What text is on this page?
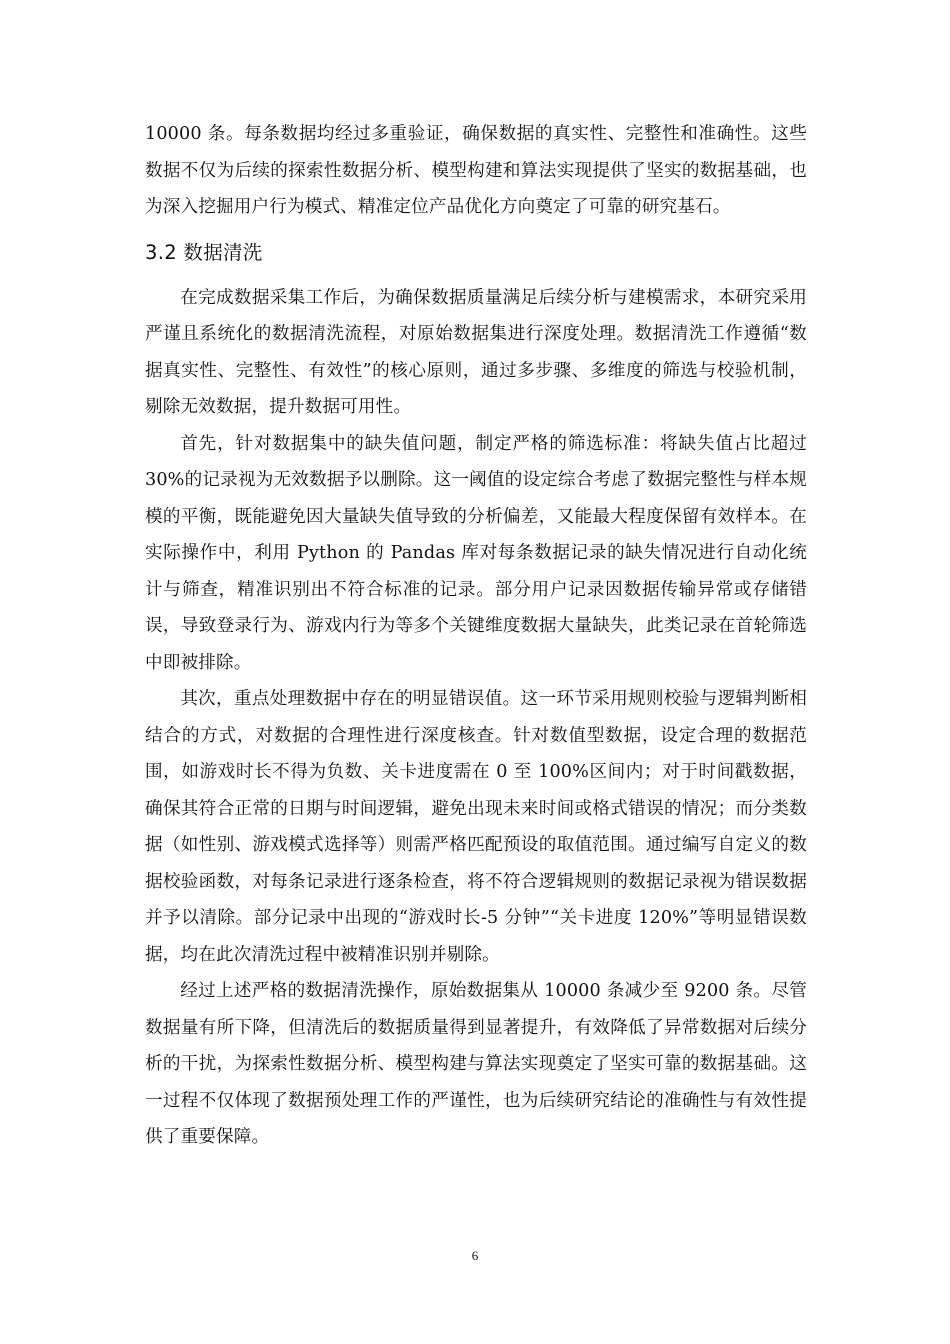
10000 条。每条数据均经过多重验证，确保数据的真实性、完整性和准确性。这些数据不仅为后续的探索性数据分析、模型构建和算法实现提供了坚实的数据基础，也为深入挖掘用户行为模式、精准定位产品优化方向奠定了可靠的研究基石。

3.2 数据清洗

在完成数据采集工作后，为确保数据质量满足后续分析与建模需求，本研究采用严谨且系统化的数据清洗流程，对原始数据集进行深度处理。数据清洗工作遵循“数据真实性、完整性、有效性”的核心原则，通过多步骤、多维度的筛选与校验机制，剔除无效数据，提升数据可用性。

首先，针对数据集中的缺失值问题，制定严格的筛选标准：将缺失值占比超过 30%的记录视为无效数据予以删除。这一阈值的设定综合考虑了数据完整性与样本规模的平衡，既能避免因大量缺失值导致的分析偏差，又能最大程度保留有效样本。在实际操作中，利用 Python 的 Pandas 库对每条数据记录的缺失情况进行自动化统计与筛查，精准识别出不符合标准的记录。部分用户记录因数据传输异常或存储错误，导致登录行为、游戏内行为等多个关键维度数据大量缺失，此类记录在首轮筛选中即被排除。

其次，重点处理数据中存在的明显错误值。这一环节采用规则校验与逻辑判断相结合的方式，对数据的合理性进行深度核查。针对数值型数据，设定合理的数据范围，如游戏时长不得为负数、关卡进度需在 0 至 100%区间内；对于时间戳数据，确保其符合正常的日期与时间逻辑，避免出现未来时间或格式错误的情况；而分类数据（如性别、游戏模式选择等）则需严格匹配预设的取值范围。通过编写自定义的数据校验函数，对每条记录进行逐条检查，将不符合逻辑规则的数据记录视为错误数据并予以清除。部分记录中出现的“游戏时长-5 分钟”“关卡进度 120%”等明显错误数据，均在此次清洗过程中被精准识别并剔除。

经过上述严格的数据清洗操作，原始数据集从 10000 条减少至 9200 条。尽管数据量有所下降，但清洗后的数据质量得到显著提升，有效降低了异常数据对后续分析的干扰，为探索性数据分析、模型构建与算法实现奠定了坚实可靠的数据基础。这一过程不仅体现了数据预处理工作的严谨性，也为后续研究结论的准确性与有效性提供了重要保障。

6
